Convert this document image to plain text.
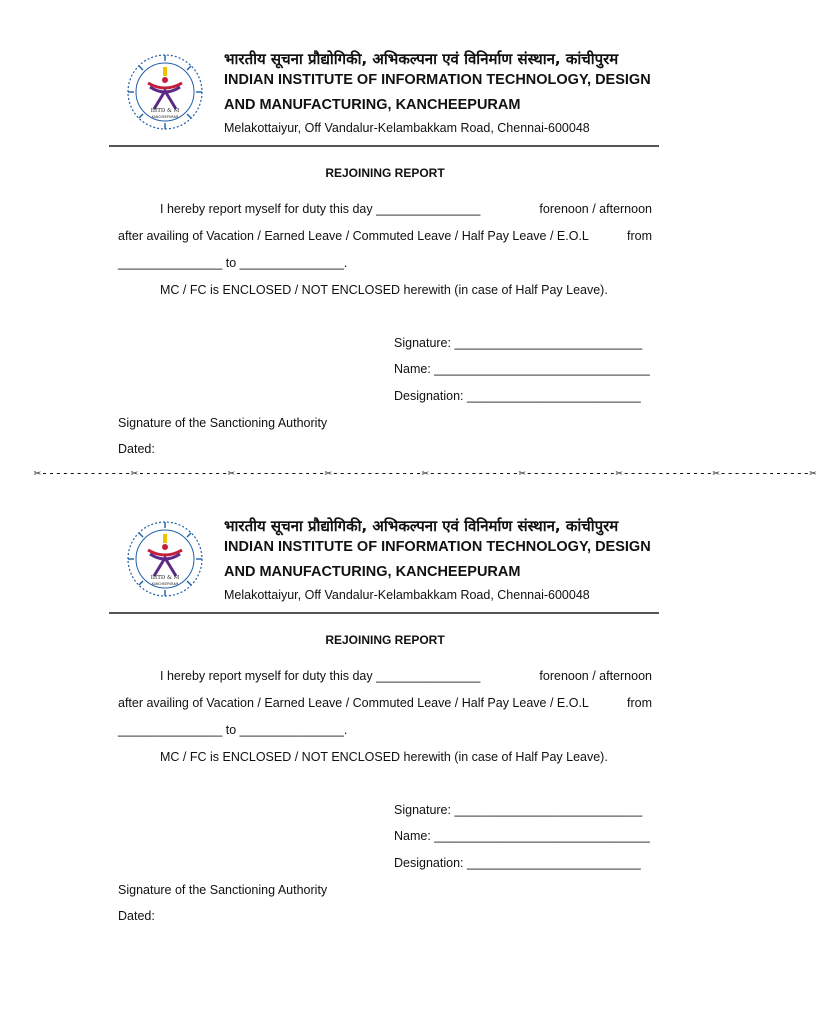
IIITD & M
KANCHEEPURAM
भारतीय सूचना प्रौद्योगिकी, अभिकल्पना एवं विनिर्माण संस्थान, कांचीपुरम
INDIAN INSTITUTE OF INFORMATION TECHNOLOGY, DESIGN
AND MANUFACTURING, KANCHEEPURAM
Melakottaiyur, Off Vandalur-Kelambakkam Road, Chennai-600048
REJOINING REPORT
I hereby report myself for duty this day _______________	forenoon / afternoon
after availing of Vacation / Earned Leave / Commuted Leave / Half Pay Leave / E.O.L	from
_______________ to _______________.
MC / FC is ENCLOSED / NOT ENCLOSED herewith (in case of Half Pay Leave).
Signature: ___________________________
Name: _______________________________
Designation: _________________________
Signature of the Sanctioning Authority
Dated:
✂-------------✂-------------✂-------------✂-------------✂-------------✂-------------✂-------------✂-------------✂
IIITD & M
KANCHEEPURAM
भारतीय सूचना प्रौद्योगिकी, अभिकल्पना एवं विनिर्माण संस्थान, कांचीपुरम
INDIAN INSTITUTE OF INFORMATION TECHNOLOGY, DESIGN
AND MANUFACTURING, KANCHEEPURAM
Melakottaiyur, Off Vandalur-Kelambakkam Road, Chennai-600048
REJOINING REPORT
I hereby report myself for duty this day _______________	forenoon / afternoon
after availing of Vacation / Earned Leave / Commuted Leave / Half Pay Leave / E.O.L	from
_______________ to _______________.
MC / FC is ENCLOSED / NOT ENCLOSED herewith (in case of Half Pay Leave).
Signature: ___________________________
Name: _______________________________
Designation: _________________________
Signature of the Sanctioning Authority
Dated:
